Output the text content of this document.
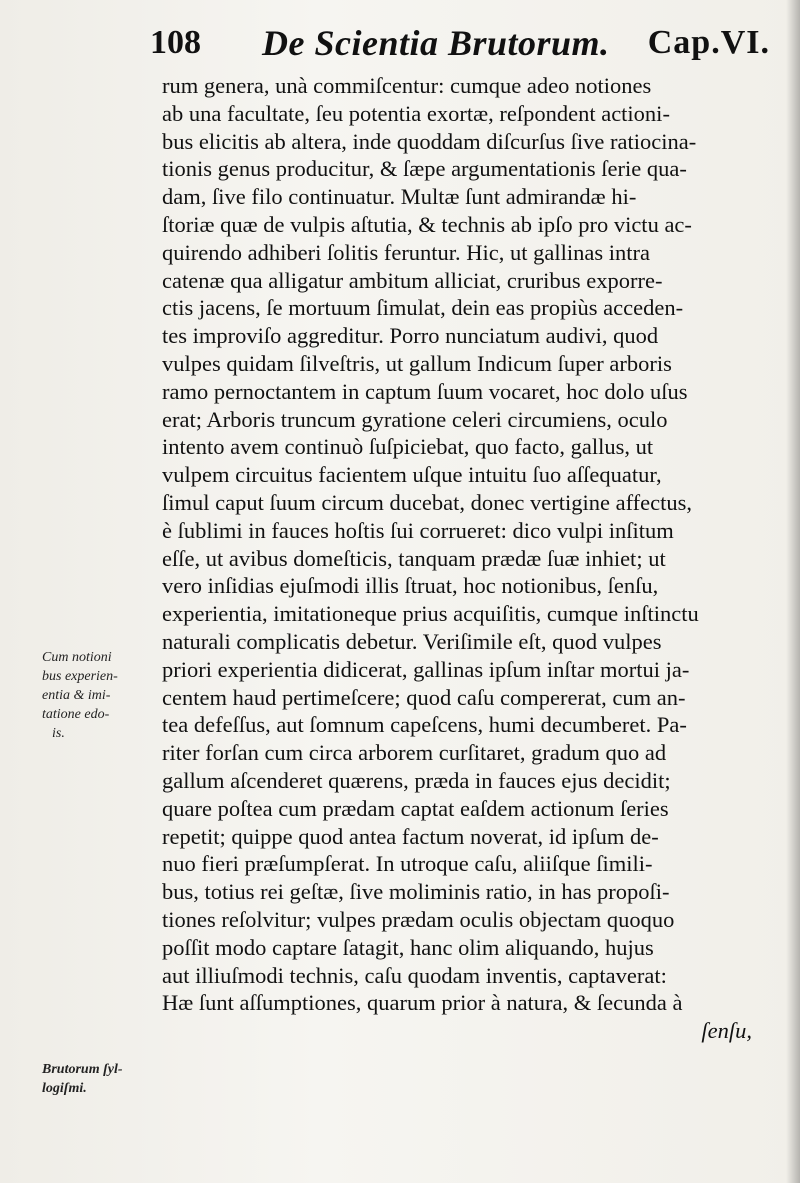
108 De Scientia Brutorum. Cap.VI.
rum genera, unà commiſcentur: cumque adeo notiones
ab una facultate, ſeu potentia exortæ, reſpondent actioni-
bus elicitis ab altera, inde quoddam diſcurſus ſive ratiocina-
tionis genus producitur, & ſæpe argumentationis ſerie qua-
dam, ſive filo continuatur. Multæ ſunt admirandæ hi-
ſtoriæ quæ de vulpis aſtutia, & technis ab ipſo pro victu ac-
quirendo adhiberi ſolitis feruntur. Hic, ut gallinas intra
catenæ qua alligatur ambitum alliciat, cruribus exporre-
ctis jacens, ſe mortuum ſimulat, dein eas propiùs acceden-
tes improviſo aggreditur. Porro nunciatum audivi, quod
vulpes quidam ſilveſtris, ut gallum Indicum ſuper arboris
ramo pernoctantem in captum ſuum vocaret, hoc dolo uſus
erat; Arboris truncum gyratione celeri circumiens, oculo
intento avem continuò ſuſpiciebat, quo facto, gallus, ut
vulpem circuitus facientem uſque intuitu ſuo aſſequatur,
ſimul caput ſuum circum ducebat, donec vertigine affectus,
è ſublimi in fauces hoſtis ſui corrueret: dico vulpi inſitum
eſſe, ut avibus domeſticis, tanquam prædæ ſuæ inhiet; ut
vero inſidias ejuſmodi illis ſtruat, hoc notionibus, ſenſu,
experientia, imitationeque prius acquiſitis, cumque inſtinctu
naturali complicatis debetur. Veriſimile eſt, quod vulpes
priori experientia didicerat, gallinas ipſum inſtar mortui ja-
centem haud pertimeſcere; quod caſu compererat, cum an-
tea defeſſus, aut ſomnum capeſcens, humi decumberet. Pa-
riter forſan cum circa arborem curſitaret, gradum quo ad
gallum aſcenderet quærens, præda in fauces ejus decidit;
quare poſtea cum prædam captat eaſdem actionum ſeries
repetit; quippe quod antea factum noverat, id ipſum de-
nuo fieri præſumpſerat. In utroque caſu, aliiſque ſimili-
bus, totius rei geſtæ, ſive moliminis ratio, in has propoſi-
tiones reſolvitur; vulpes prædam oculis objectam quoquo
poſſit modo captare ſatagit, hanc olim aliquando, hujus
aut illiuſmodi technis, caſu quodam inventis, captaverat:
Hæ ſunt aſſumptiones, quarum prior à natura, & ſecunda à
ſenſu,
Cum notioni
bus experien-
entia & imi-
tatione edo-
is.
Brutorum ſyl-
logiſmi.
